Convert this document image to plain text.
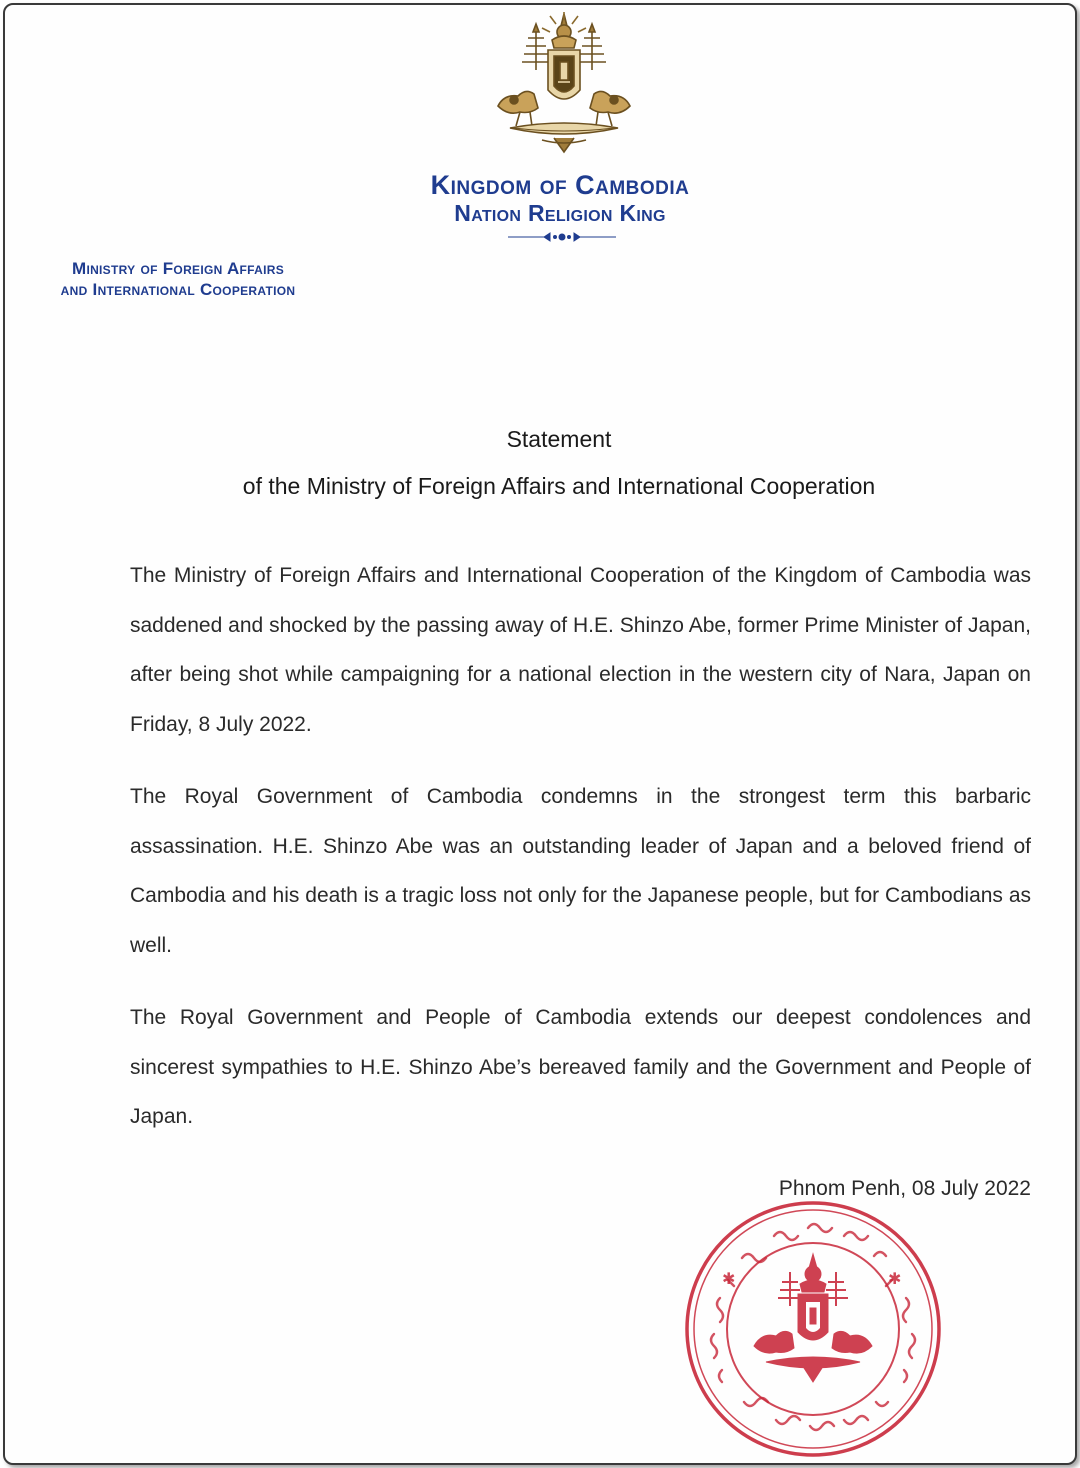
Kingdom of Cambodia
Nation Religion King
Ministry of Foreign Affairs
and International Cooperation
Statement
of the Ministry of Foreign Affairs and International Cooperation

The Ministry of Foreign Affairs and International Cooperation of the Kingdom of Cambodia was saddened and shocked by the passing away of H.E. Shinzo Abe, former Prime Minister of Japan, after being shot while campaigning for a national election in the western city of Nara, Japan on Friday, 8 July 2022.

The Royal Government of Cambodia condemns in the strongest term this barbaric assassination. H.E. Shinzo Abe was an outstanding leader of Japan and a beloved friend of Cambodia and his death is a tragic loss not only for the Japanese people, but for Cambodians as well.

The Royal Government and People of Cambodia extends our deepest condolences and sincerest sympathies to H.E. Shinzo Abe’s bereaved family and the Government and People of Japan.

Phnom Penh, 08 July 2022
✱	✱
